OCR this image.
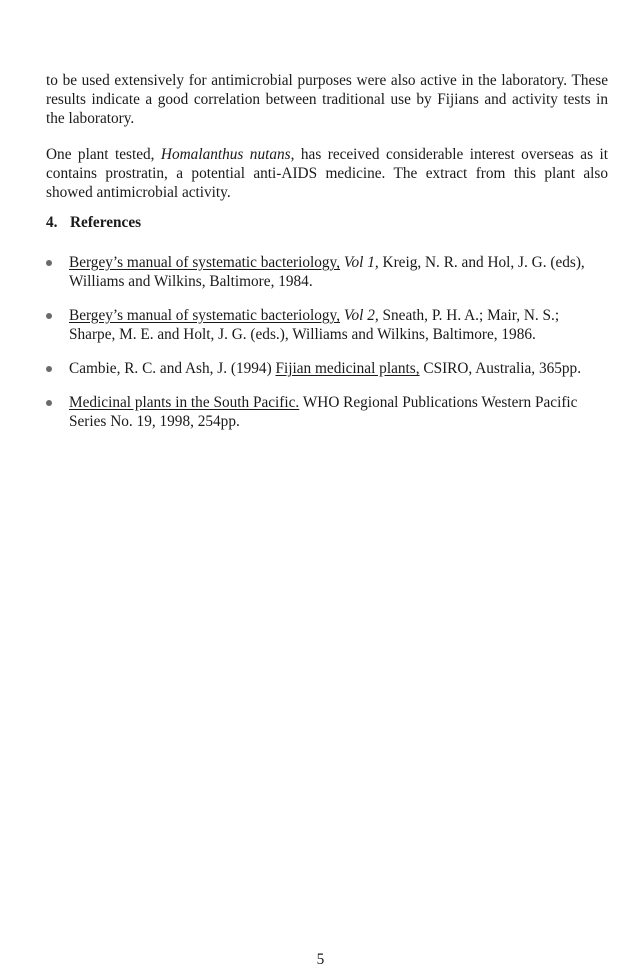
to be used extensively for antimicrobial purposes were also active in the laboratory. These results indicate a good correlation between traditional use by Fijians and activity tests in the laboratory.

One plant tested, Homalanthus nutans, has received considerable interest overseas as it contains prostratin, a potential anti-AIDS medicine. The extract from this plant also showed antimicrobial activity.

4. References
Bergey’s manual of systematic bacteriology, Vol 1, Kreig, N. R. and Hol, J. G. (eds), Williams and Wilkins, Baltimore, 1984.
Bergey’s manual of systematic bacteriology, Vol 2, Sneath, P. H. A.; Mair, N. S.; Sharpe, M. E. and Holt, J. G. (eds.), Williams and Wilkins, Baltimore, 1986.
Cambie, R. C. and Ash, J. (1994) Fijian medicinal plants, CSIRO, Australia, 365pp.
Medicinal plants in the South Pacific. WHO Regional Publications Western Pacific Series No. 19, 1998, 254pp.
5
